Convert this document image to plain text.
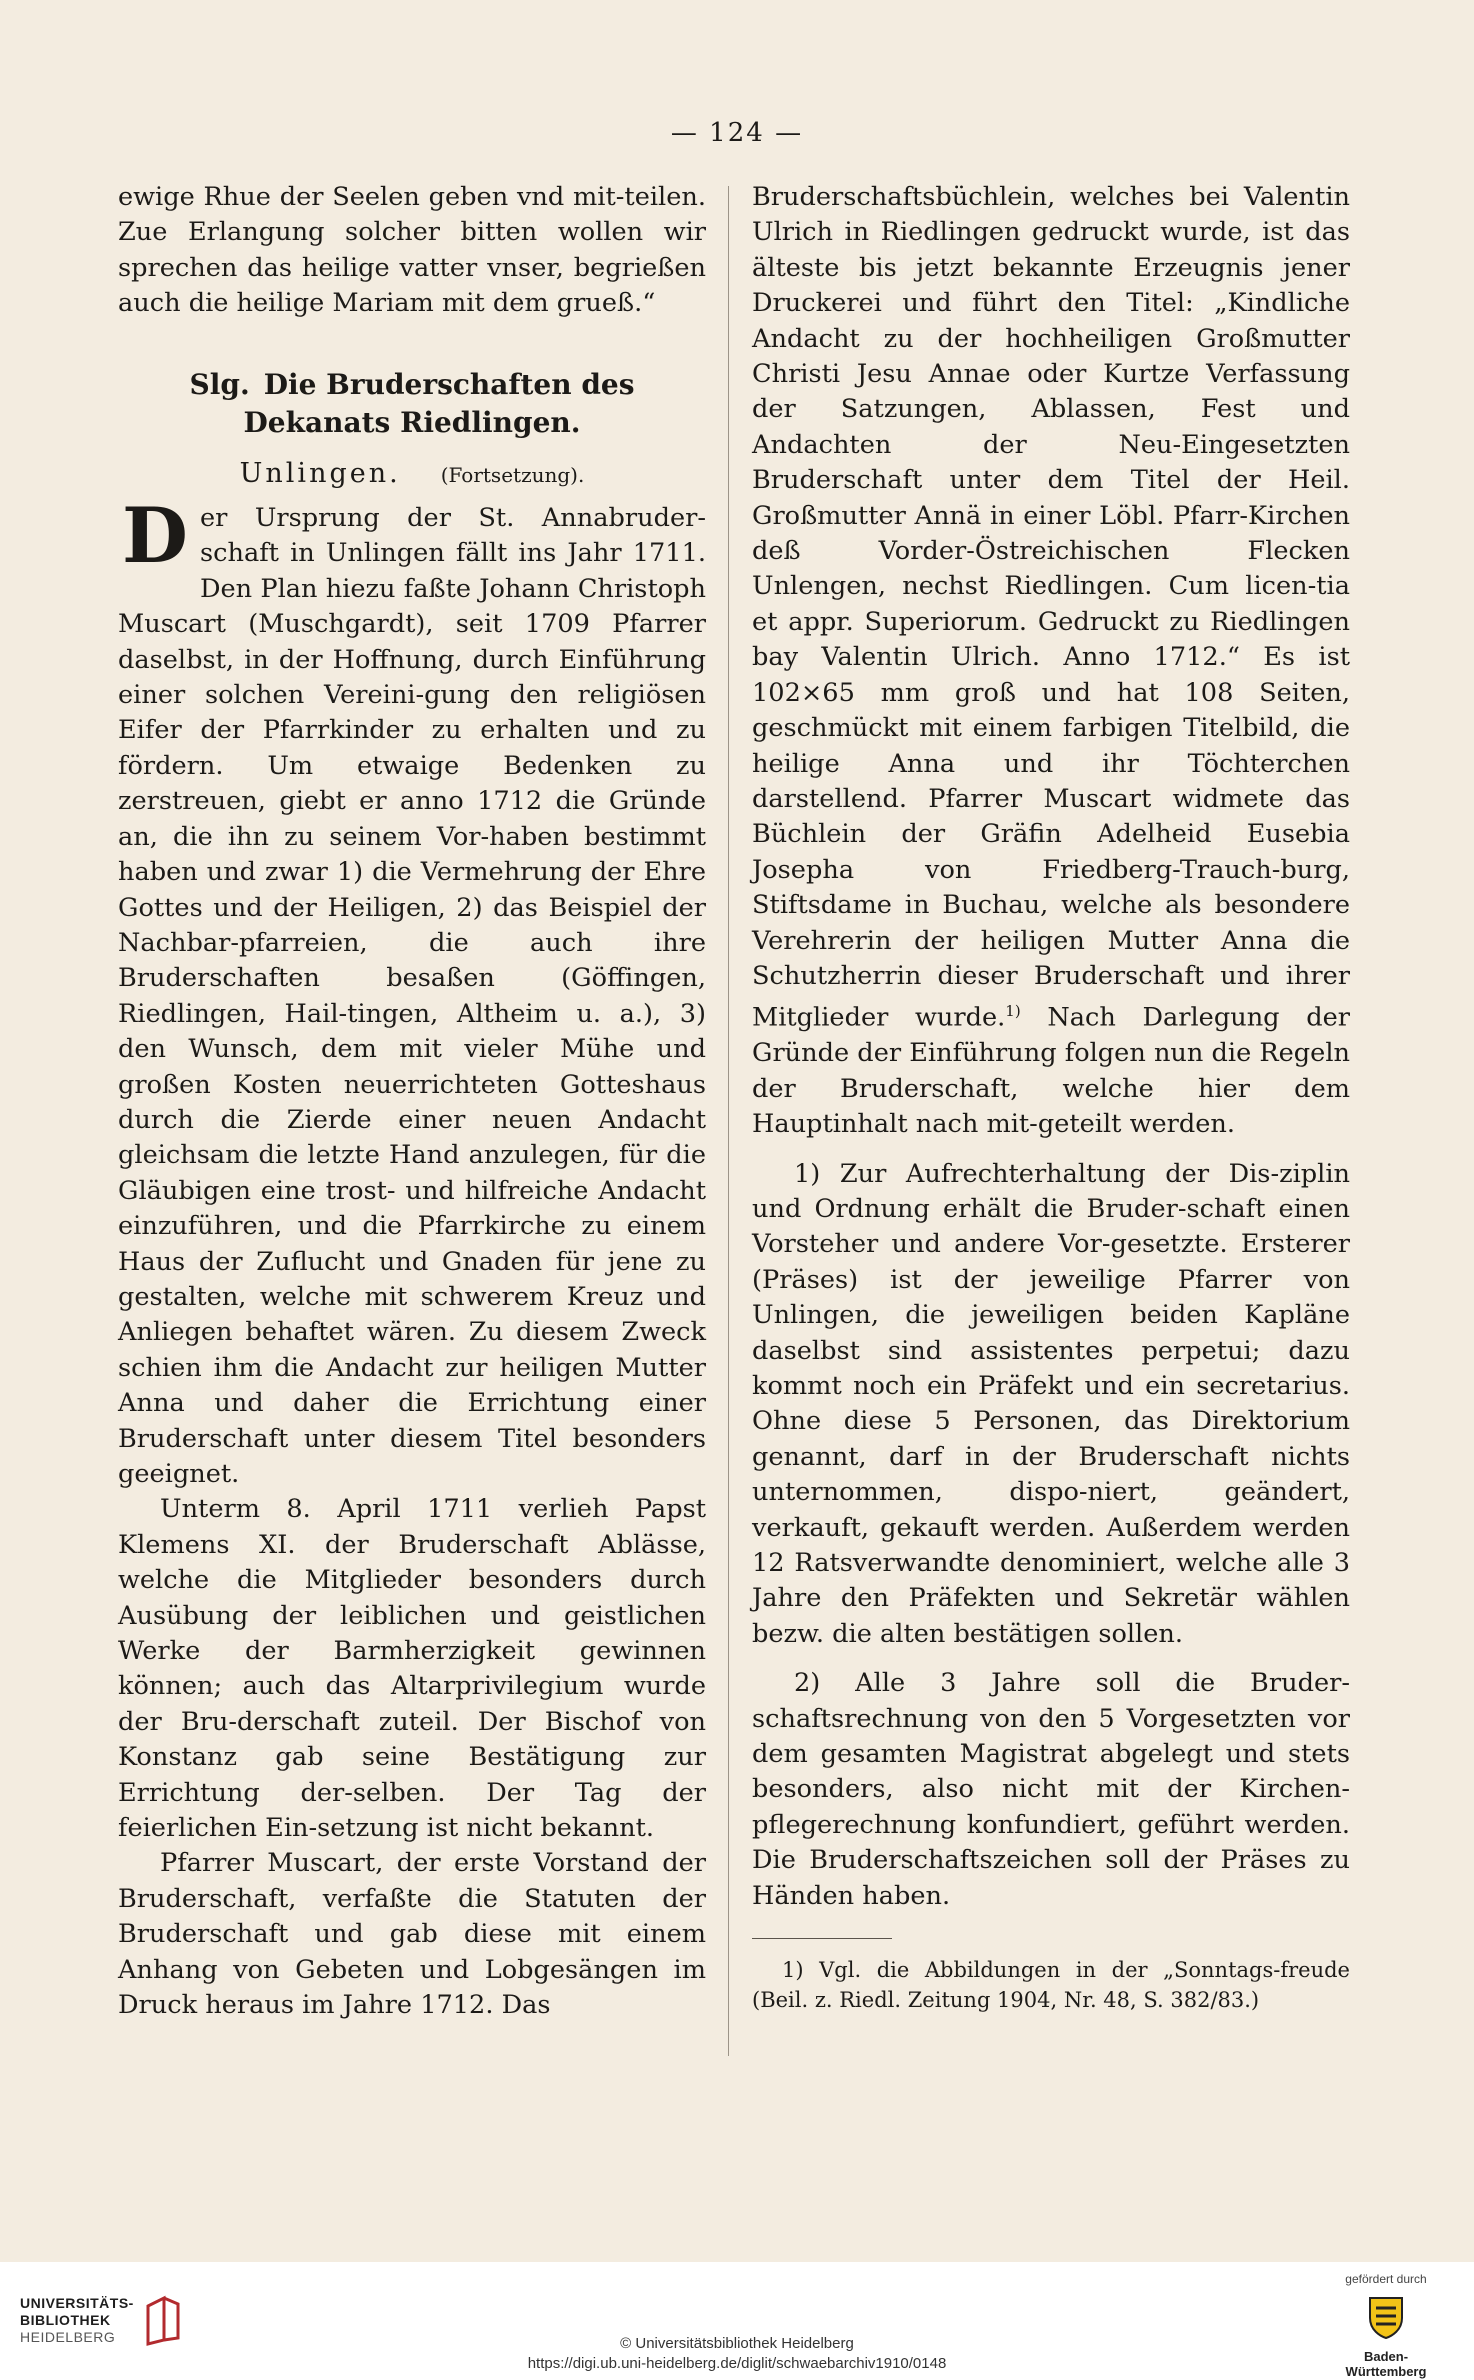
— 124 —

ewige Rhue der Seelen geben vnd mit-teilen. Zue Erlangung solcher bitten wollen wir sprechen das heilige vatter vnser, begrießen auch die heilige Mariam mit dem grueß.“

Slg. Die Bruderschaften des Dekanats Riedlingen.
Unlingen. (Fortsetzung).

Der Ursprung der St. Annabruder-schaft in Unlingen fällt ins Jahr 1711. Den Plan hiezu faßte Johann Christoph Muscart (Muschgardt), seit 1709 Pfarrer daselbst, in der Hoffnung, durch Einführung einer solchen Vereini-gung den religiösen Eifer der Pfarrkinder zu erhalten und zu fördern. Um etwaige Bedenken zu zerstreuen, giebt er anno 1712 die Gründe an, die ihn zu seinem Vor-haben bestimmt haben und zwar 1) die Vermehrung der Ehre Gottes und der Heiligen, 2) das Beispiel der Nachbar-pfarreien, die auch ihre Bruderschaften besaßen (Göffingen, Riedlingen, Hail-tingen, Altheim u. a.), 3) den Wunsch, dem mit vieler Mühe und großen Kosten neuerrichteten Gotteshaus durch die Zierde einer neuen Andacht gleichsam die letzte Hand anzulegen, für die Gläubigen eine trost- und hilfreiche Andacht einzuführen, und die Pfarrkirche zu einem Haus der Zuflucht und Gnaden für jene zu gestalten, welche mit schwerem Kreuz und Anliegen behaftet wären. Zu diesem Zweck schien ihm die Andacht zur heiligen Mutter Anna und daher die Errichtung einer Bruderschaft unter diesem Titel besonders geeignet.

Unterm 8. April 1711 verlieh Papst Klemens XI. der Bruderschaft Ablässe, welche die Mitglieder besonders durch Ausübung der leiblichen und geistlichen Werke der Barmherzigkeit gewinnen können; auch das Altarprivilegium wurde der Bru-derschaft zuteil. Der Bischof von Konstanz gab seine Bestätigung zur Errichtung der-selben. Der Tag der feierlichen Ein-setzung ist nicht bekannt.

Pfarrer Muscart, der erste Vorstand der Bruderschaft, verfaßte die Statuten der Bruderschaft und gab diese mit einem Anhang von Gebeten und Lobgesängen im Druck heraus im Jahre 1712. Das

Bruderschaftsbüchlein, welches bei Valentin Ulrich in Riedlingen gedruckt wurde, ist das älteste bis jetzt bekannte Erzeugnis jener Druckerei und führt den Titel: „Kindliche Andacht zu der hochheiligen Großmutter Christi Jesu Annae oder Kurtze Verfassung der Satzungen, Ablassen, Fest und Andachten der Neu-Eingesetzten Bruderschaft unter dem Titel der Heil. Großmutter Annä in einer Löbl. Pfarr-Kirchen deß Vorder-Östreichischen Flecken Unlengen, nechst Riedlingen. Cum licen-tia et appr. Superiorum. Gedruckt zu Riedlingen bay Valentin Ulrich. Anno 1712.“ Es ist 102×65 mm groß und hat 108 Seiten, geschmückt mit einem farbigen Titelbild, die heilige Anna und ihr Töchterchen darstellend. Pfarrer Muscart widmete das Büchlein der Gräfin Adelheid Eusebia Josepha von Friedberg-Trauch-burg, Stiftsdame in Buchau, welche als besondere Verehrerin der heiligen Mutter Anna die Schutzherrin dieser Bruderschaft und ihrer Mitglieder wurde.$^{1)}$ Nach Darlegung der Gründe der Einführung folgen nun die Regeln der Bruderschaft, welche hier dem Hauptinhalt nach mit-geteilt werden.

1) Zur Aufrechterhaltung der Dis-ziplin und Ordnung erhält die Bruder-schaft einen Vorsteher und andere Vor-gesetzte. Ersterer (Präses) ist der jeweilige Pfarrer von Unlingen, die jeweiligen beiden Kapläne daselbst sind assistentes perpetui; dazu kommt noch ein Präfekt und ein secretarius. Ohne diese 5 Personen, das Direktorium genannt, darf in der Bruderschaft nichts unternommen, dispo-niert, geändert, verkauft, gekauft werden. Außerdem werden 12 Ratsverwandte denominiert, welche alle 3 Jahre den Präfekten und Sekretär wählen bezw. die alten bestätigen sollen.

2) Alle 3 Jahre soll die Bruder-schaftsrechnung von den 5 Vorgesetzten vor dem gesamten Magistrat abgelegt und stets besonders, also nicht mit der Kirchen-pflegerechnung konfundiert, geführt werden. Die Bruderschaftszeichen soll der Präses zu Händen haben.

1) Vgl. die Abbildungen in der „Sonntags-freude (Beil. z. Riedl. Zeitung 1904, Nr. 48, S. 382/83.)

UNIVERSITÄTS-
BIBLIOTHEK
HEIDELBERG	© Universitätsbibliothek Heidelberg
https://digi.ub.uni-heidelberg.de/diglit/schwaebarchiv1910/0148
gefördert durch
Baden-Württemberg
